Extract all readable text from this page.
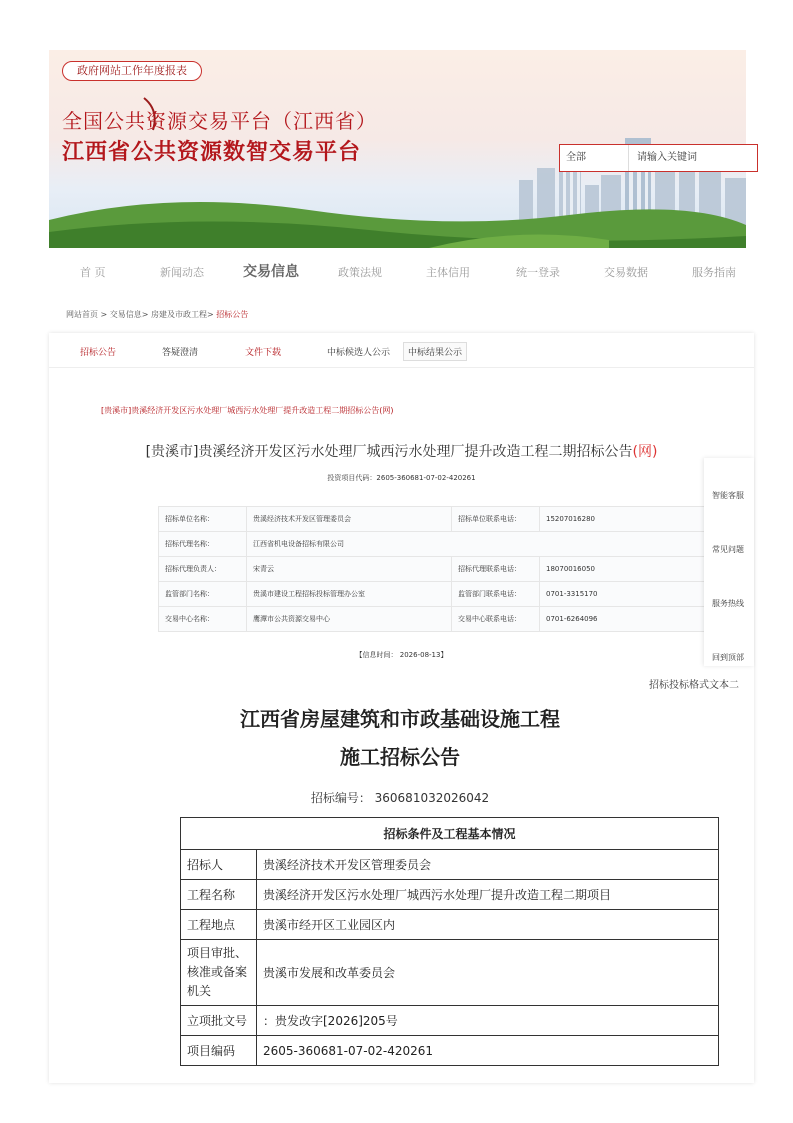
政府网站工作年度报表
全国公共资源交易平台（江西省）
江西省公共资源数智交易平台	全部	请输入关键词
首 页	新闻动态	交易信息	政策法规	主体信用	统一登录	交易数据	服务指南
网站首页 > 交易信息> 房建及市政工程> 招标公告
招标公告	答疑澄清	文件下载	中标候选人公示	中标结果公示
[贵溪市]贵溪经济开发区污水处理厂城西污水处理厂提升改造工程二期招标公告(网)
[贵溪市]贵溪经济开发区污水处理厂城西污水处理厂提升改造工程二期招标公告(网)
投资项目代码：2605-360681-07-02-420261
招标单位名称：	贵溪经济技术开发区管理委员会	招标单位联系电话：	15207016280
招标代理名称：	江西省机电设备招标有限公司		
招标代理负责人：	宋青云	招标代理联系电话：	18070016050
监管部门名称：	贵溪市建设工程招标投标管理办公室	监管部门联系电话：	0701-3315170
交易中心名称：	鹰潭市公共资源交易中心	交易中心联系电话：	0701-6264096
【信息时间： 2026-08-13】
招标投标格式文本二
江西省房屋建筑和市政基础设施工程
施工招标公告
招标编号： 360681032026042
招标条件及工程基本情况	
招标人	贵溪经济技术开发区管理委员会
工程名称	贵溪经济开发区污水处理厂城西污水处理厂提升改造工程二期项目
工程地点	贵溪市经开区工业园区内
项目审批、核准或备案机关	贵溪市发展和改革委员会
立项批文号	：贵发改字[2026]205号
项目编码	2605-360681-07-02-420261
智能客服
常见问题
服务热线
回到顶部
